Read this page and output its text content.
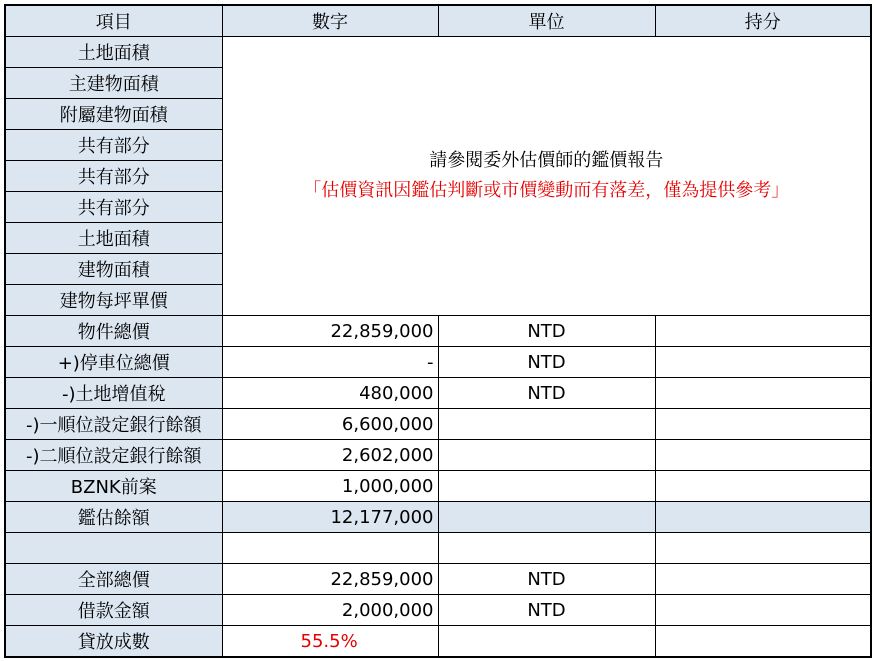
項目	數字	單位	持分
土地面積	請參閱委外估價師的鑑價報告
「估價資訊因鑑估判斷或市價變動而有落差，僅為提供參考」		

主建物面積			
附屬建物面積			
共有部分			
共有部分			
共有部分			
土地面積			
建物面積			
建物每坪單價			
物件總價	22,859,000	NTD	
+)停車位總價	-	NTD	
-)土地增值稅	480,000	NTD	
-)一順位設定銀行餘額	6,600,000		
-)二順位設定銀行餘額	2,602,000		
BZNK前案	1,000,000		
鑑估餘額	12,177,000		

全部總價	22,859,000	NTD	
借款金額	2,000,000	NTD	
貸放成數	55.5%		
